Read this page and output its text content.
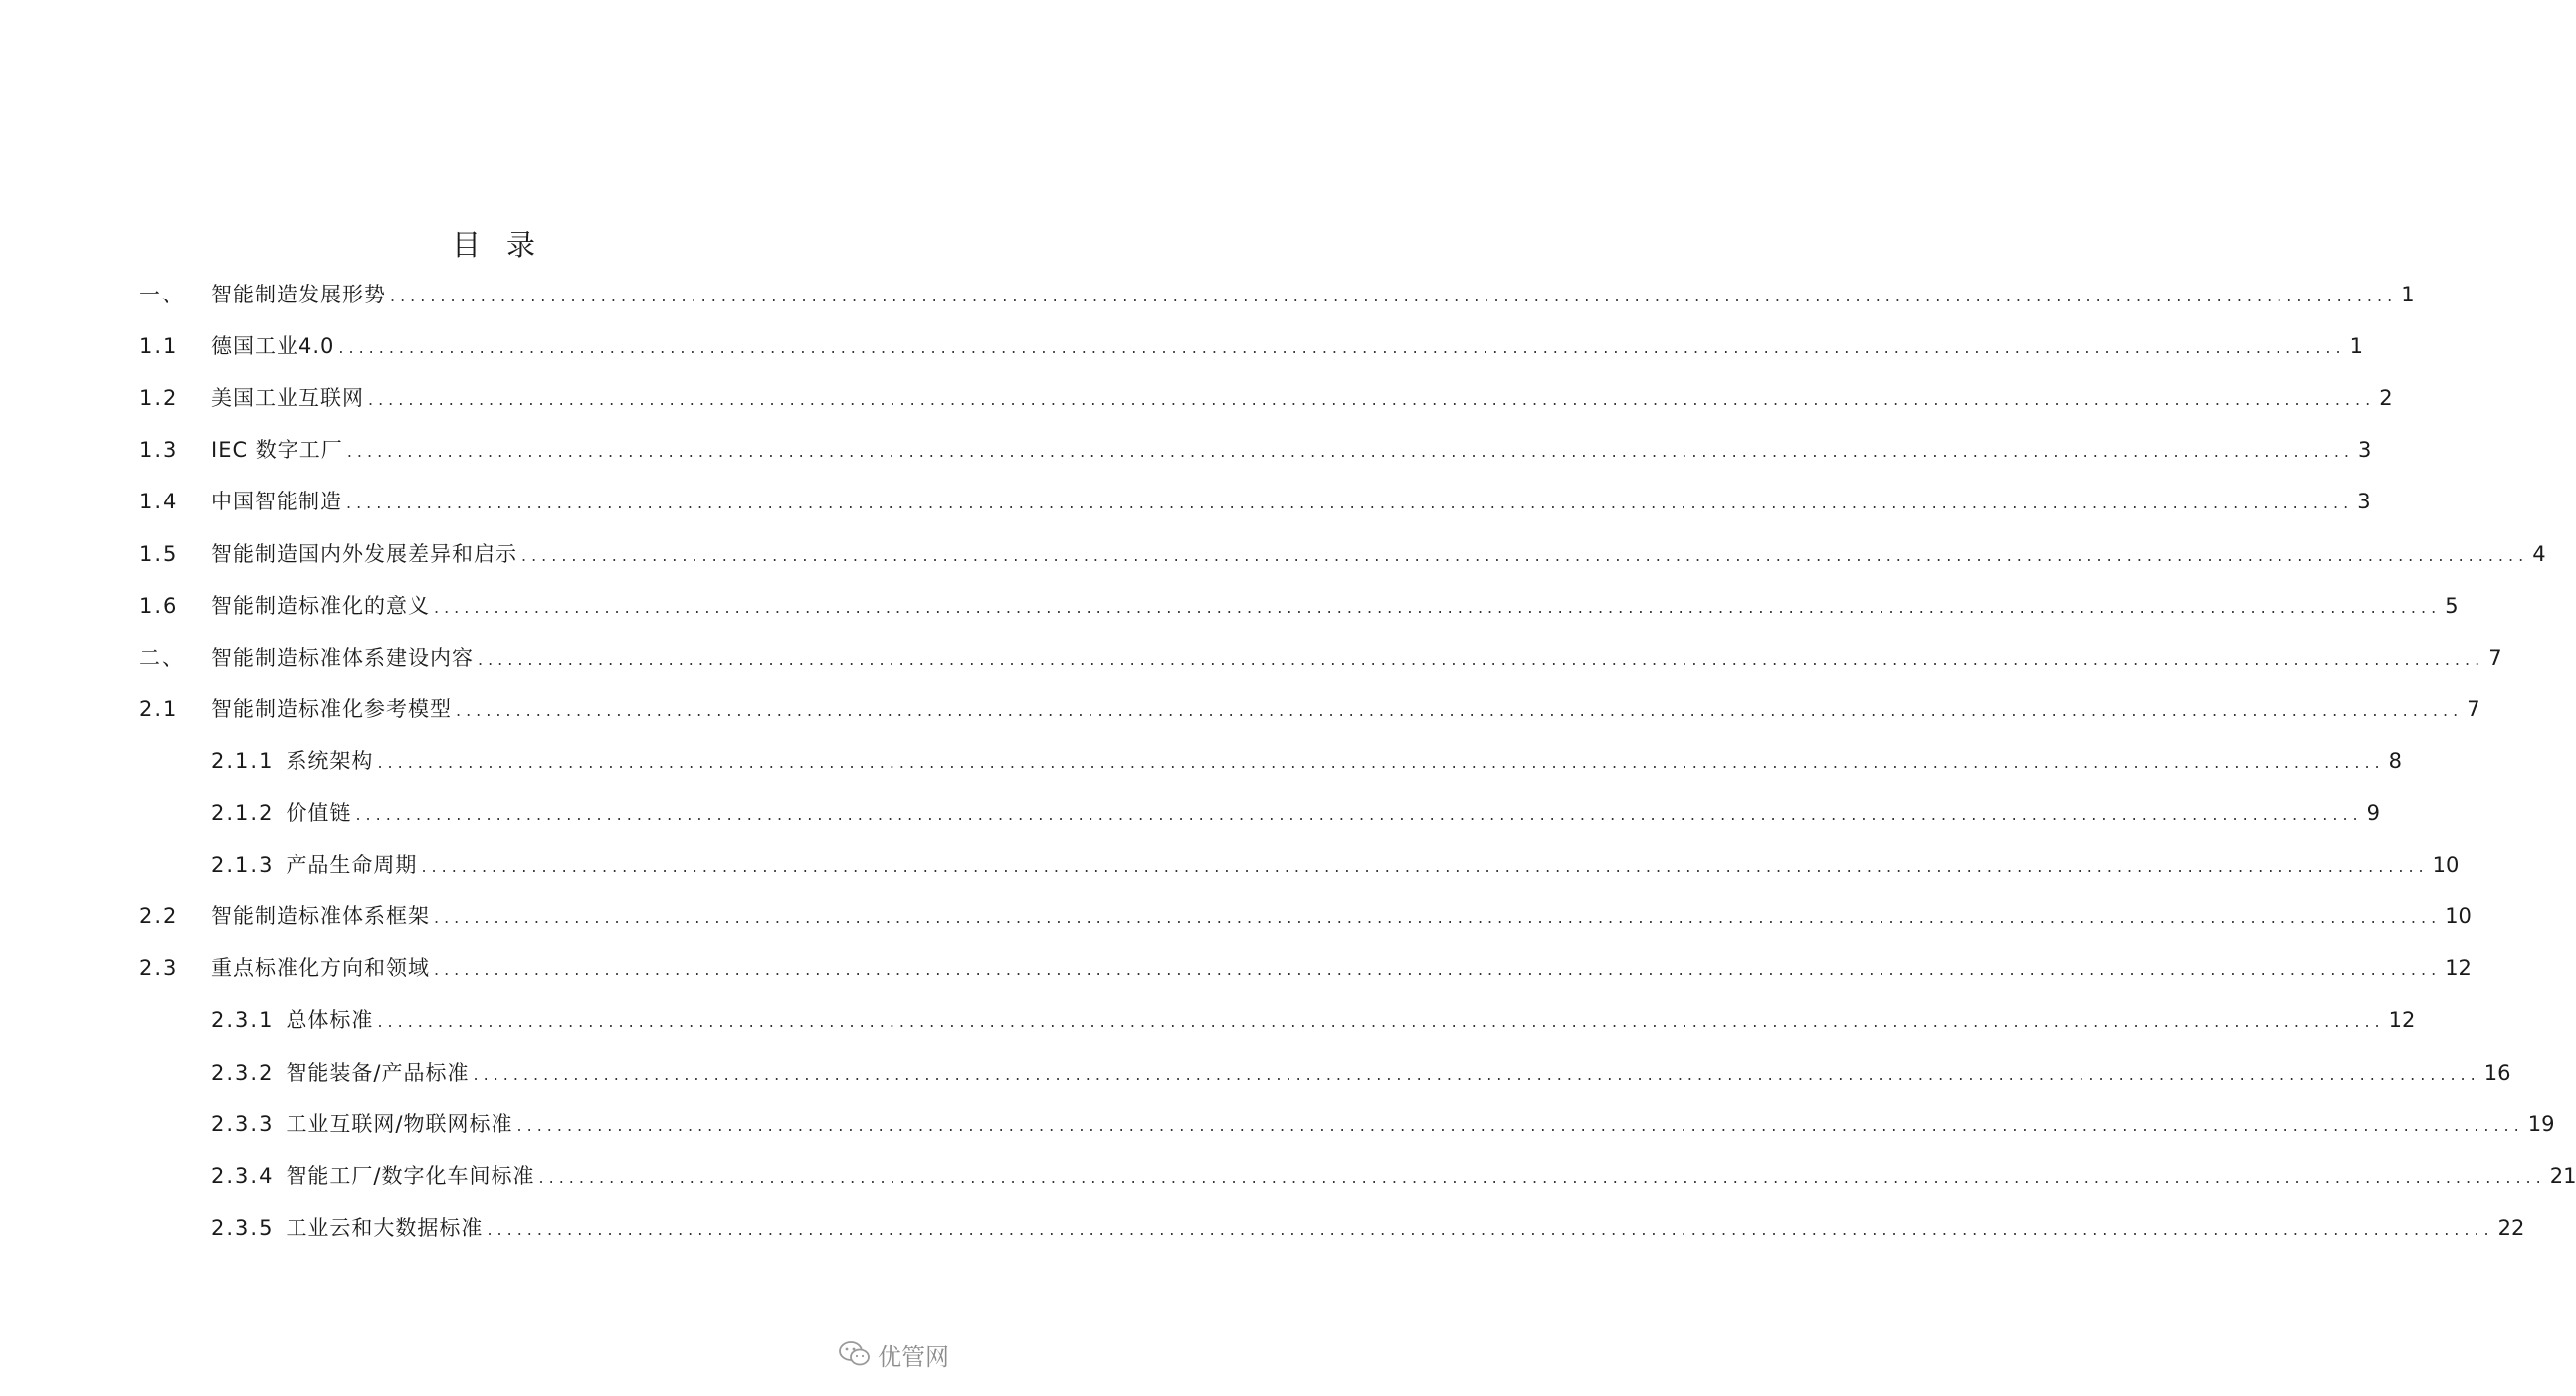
目录
一、	智能制造发展形势 ........................................................................................................................................................................................................ 1
1.1	德国工业4.0 ........................................................................................................................................................................................................ 1
1.2	美国工业互联网 ........................................................................................................................................................................................................ 2
1.3	IEC 数字工厂 ........................................................................................................................................................................................................ 3
1.4	中国智能制造 ........................................................................................................................................................................................................ 3
1.5	智能制造国内外发展差异和启示 ........................................................................................................................................................................................................ 4
1.6	智能制造标准化的意义 ........................................................................................................................................................................................................ 5
二、	智能制造标准体系建设内容 ........................................................................................................................................................................................................ 7
2.1	智能制造标准化参考模型 ........................................................................................................................................................................................................ 7
2.1.1 系统架构 ........................................................................................................................................................................................................ 8
2.1.2 价值链 ........................................................................................................................................................................................................ 9
2.1.3 产品生命周期 ........................................................................................................................................................................................................ 10
2.2	智能制造标准体系框架 ........................................................................................................................................................................................................ 10
2.3	重点标准化方向和领域 ........................................................................................................................................................................................................ 12
2.3.1 总体标准 ........................................................................................................................................................................................................ 12
2.3.2 智能装备/产品标准 ........................................................................................................................................................................................................ 16
2.3.3 工业互联网/物联网标准 ........................................................................................................................................................................................................ 19
2.3.4 智能工厂/数字化车间标准 ........................................................................................................................................................................................................ 21
2.3.5 工业云和大数据标准 ........................................................................................................................................................................................................ 22
优管网
